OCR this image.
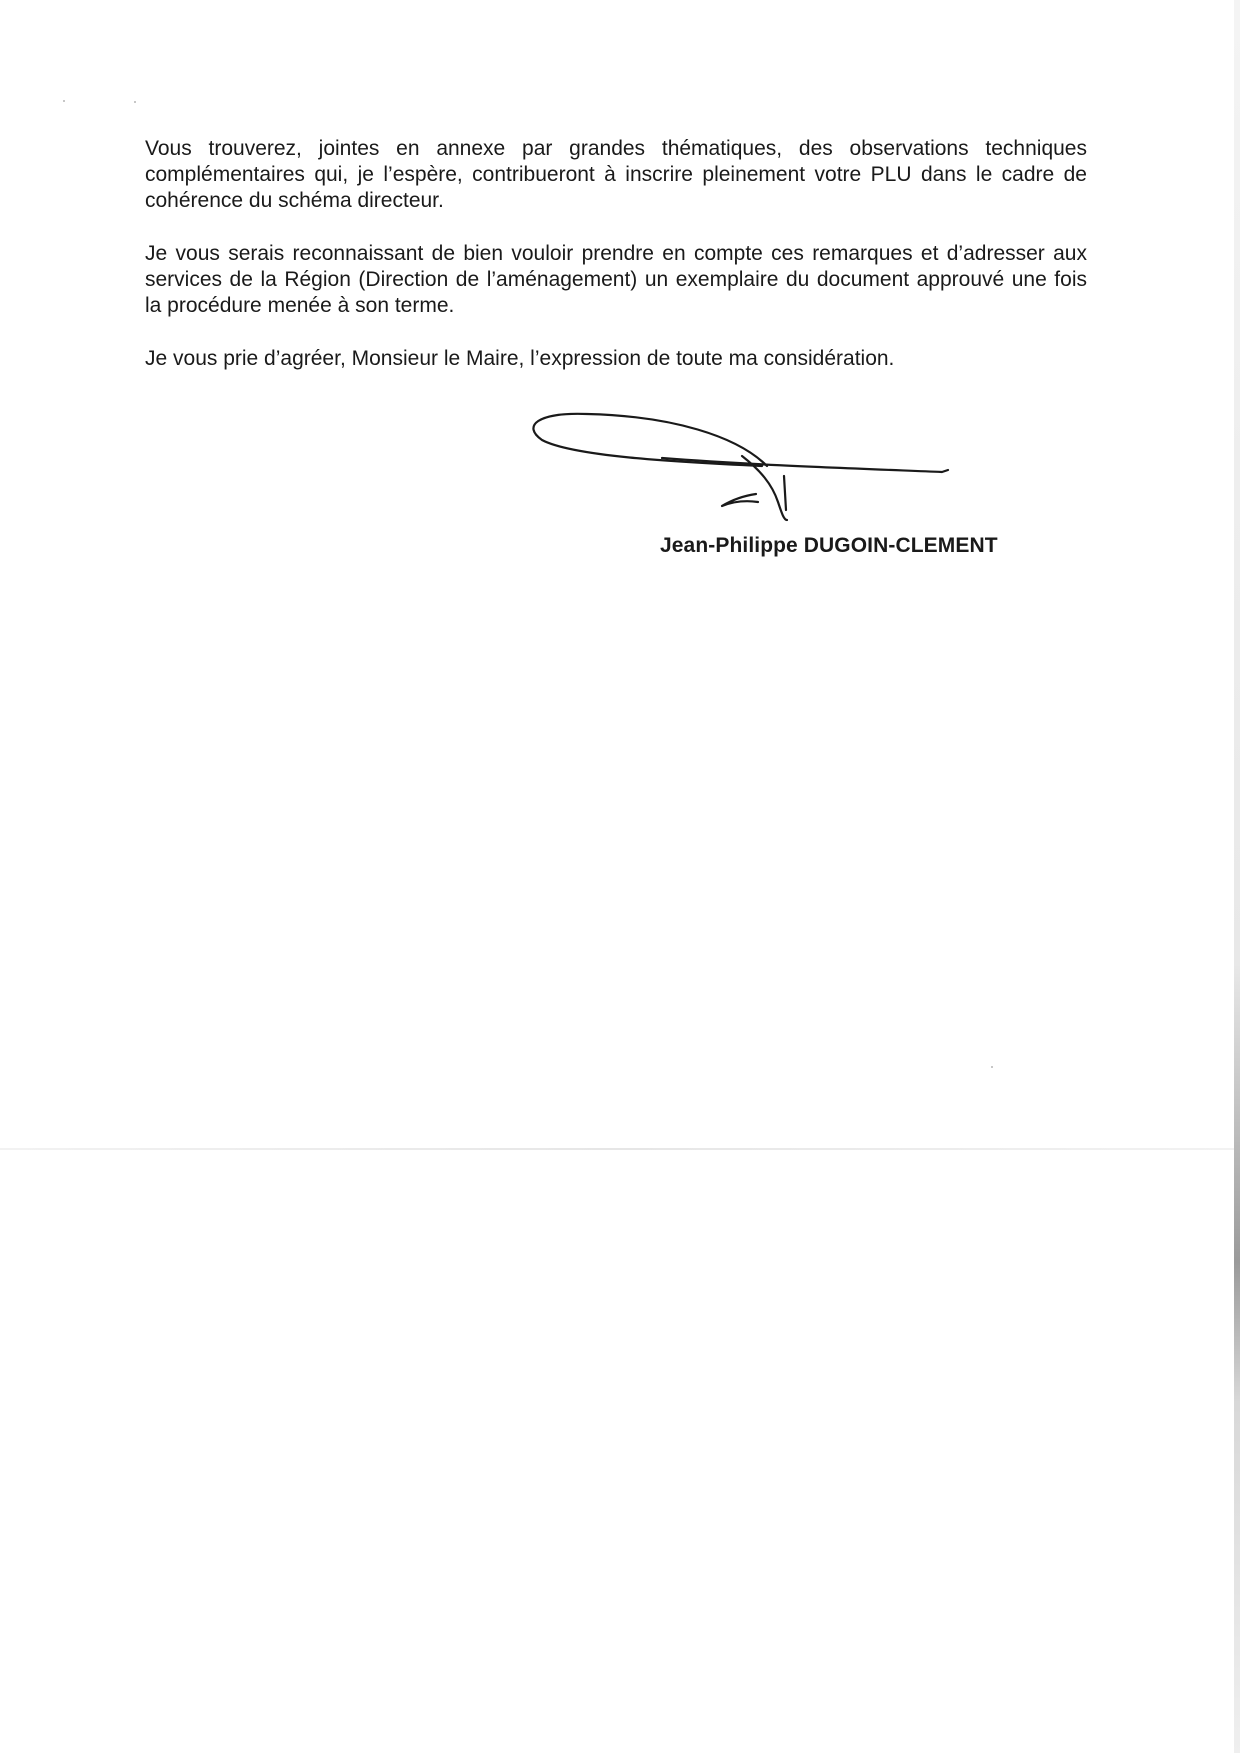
Vous trouverez, jointes en annexe par grandes thématiques, des observations techniques complémentaires qui, je l’espère, contribueront à inscrire pleinement votre PLU dans le cadre de cohérence du schéma directeur.

Je vous serais reconnaissant de bien vouloir prendre en compte ces remarques et d’adresser aux services de la Région (Direction de l’aménagement) un exemplaire du document approuvé une fois la procédure menée à son terme.

Je vous prie d’agréer, Monsieur le Maire, l’expression de toute ma considération.

Jean-Philippe DUGOIN-CLEMENT
